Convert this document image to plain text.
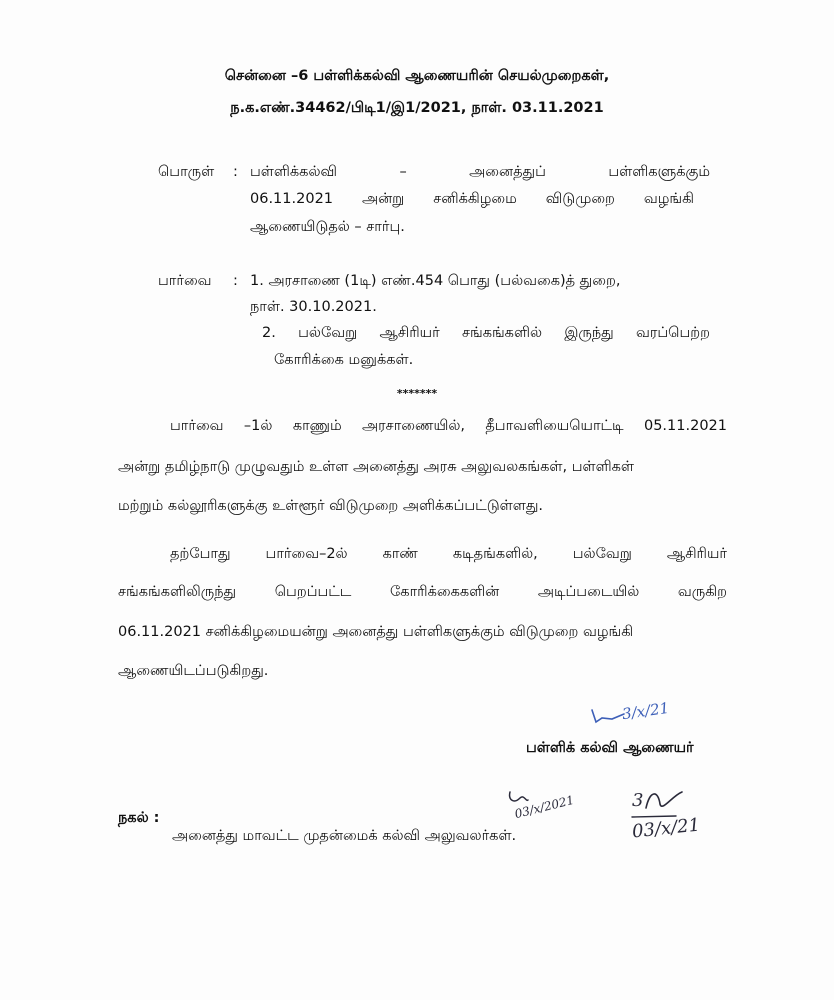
சென்னை –6 பள்ளிக்கல்வி ஆணையரின் செயல்முறைகள்,
ந.க.எண்.34462/பிடி1/இ1/2021, நாள். 03.11.2021
பொருள் : பள்ளிக்கல்வி – அனைத்துப் பள்ளிகளுக்கும்
06.11.2021 அன்று சனிக்கிழமை விடுமுறை வழங்கி
ஆணையிடுதல் – சார்பு.
பார்வை : 1. அரசாணை (1டி) எண்.454 பொது (பல்வகை)த் துறை,
நாள். 30.10.2021.
2. பல்வேறு ஆசிரியர் சங்கங்களில் இருந்து வரப்பெற்ற
கோரிக்கை மனுக்கள்.
*******
பார்வை –1ல் காணும் அரசாணையில், தீபாவளியையொட்டி 05.11.2021
அன்று தமிழ்நாடு முழுவதும் உள்ள அனைத்து அரசு அலுவலகங்கள், பள்ளிகள்
மற்றும் கல்லூரிகளுக்கு உள்ளூர் விடுமுறை அளிக்கப்பட்டுள்ளது.
தற்போது பார்வை–2ல் காண் கடிதங்களில், பல்வேறு ஆசிரியர்
சங்கங்களிலிருந்து பெறப்பட்ட கோரிக்கைகளின் அடிப்படையில் வருகிற
06.11.2021 சனிக்கிழமையன்று அனைத்து பள்ளிகளுக்கும் விடுமுறை வழங்கி
ஆணையிடப்படுகிறது.
3/x/21
பள்ளிக் கல்வி ஆணையர்
நகல் :
அனைத்து மாவட்ட முதன்மைக் கல்வி அலுவலர்கள்.
03/x/2021	3
03/x/21
